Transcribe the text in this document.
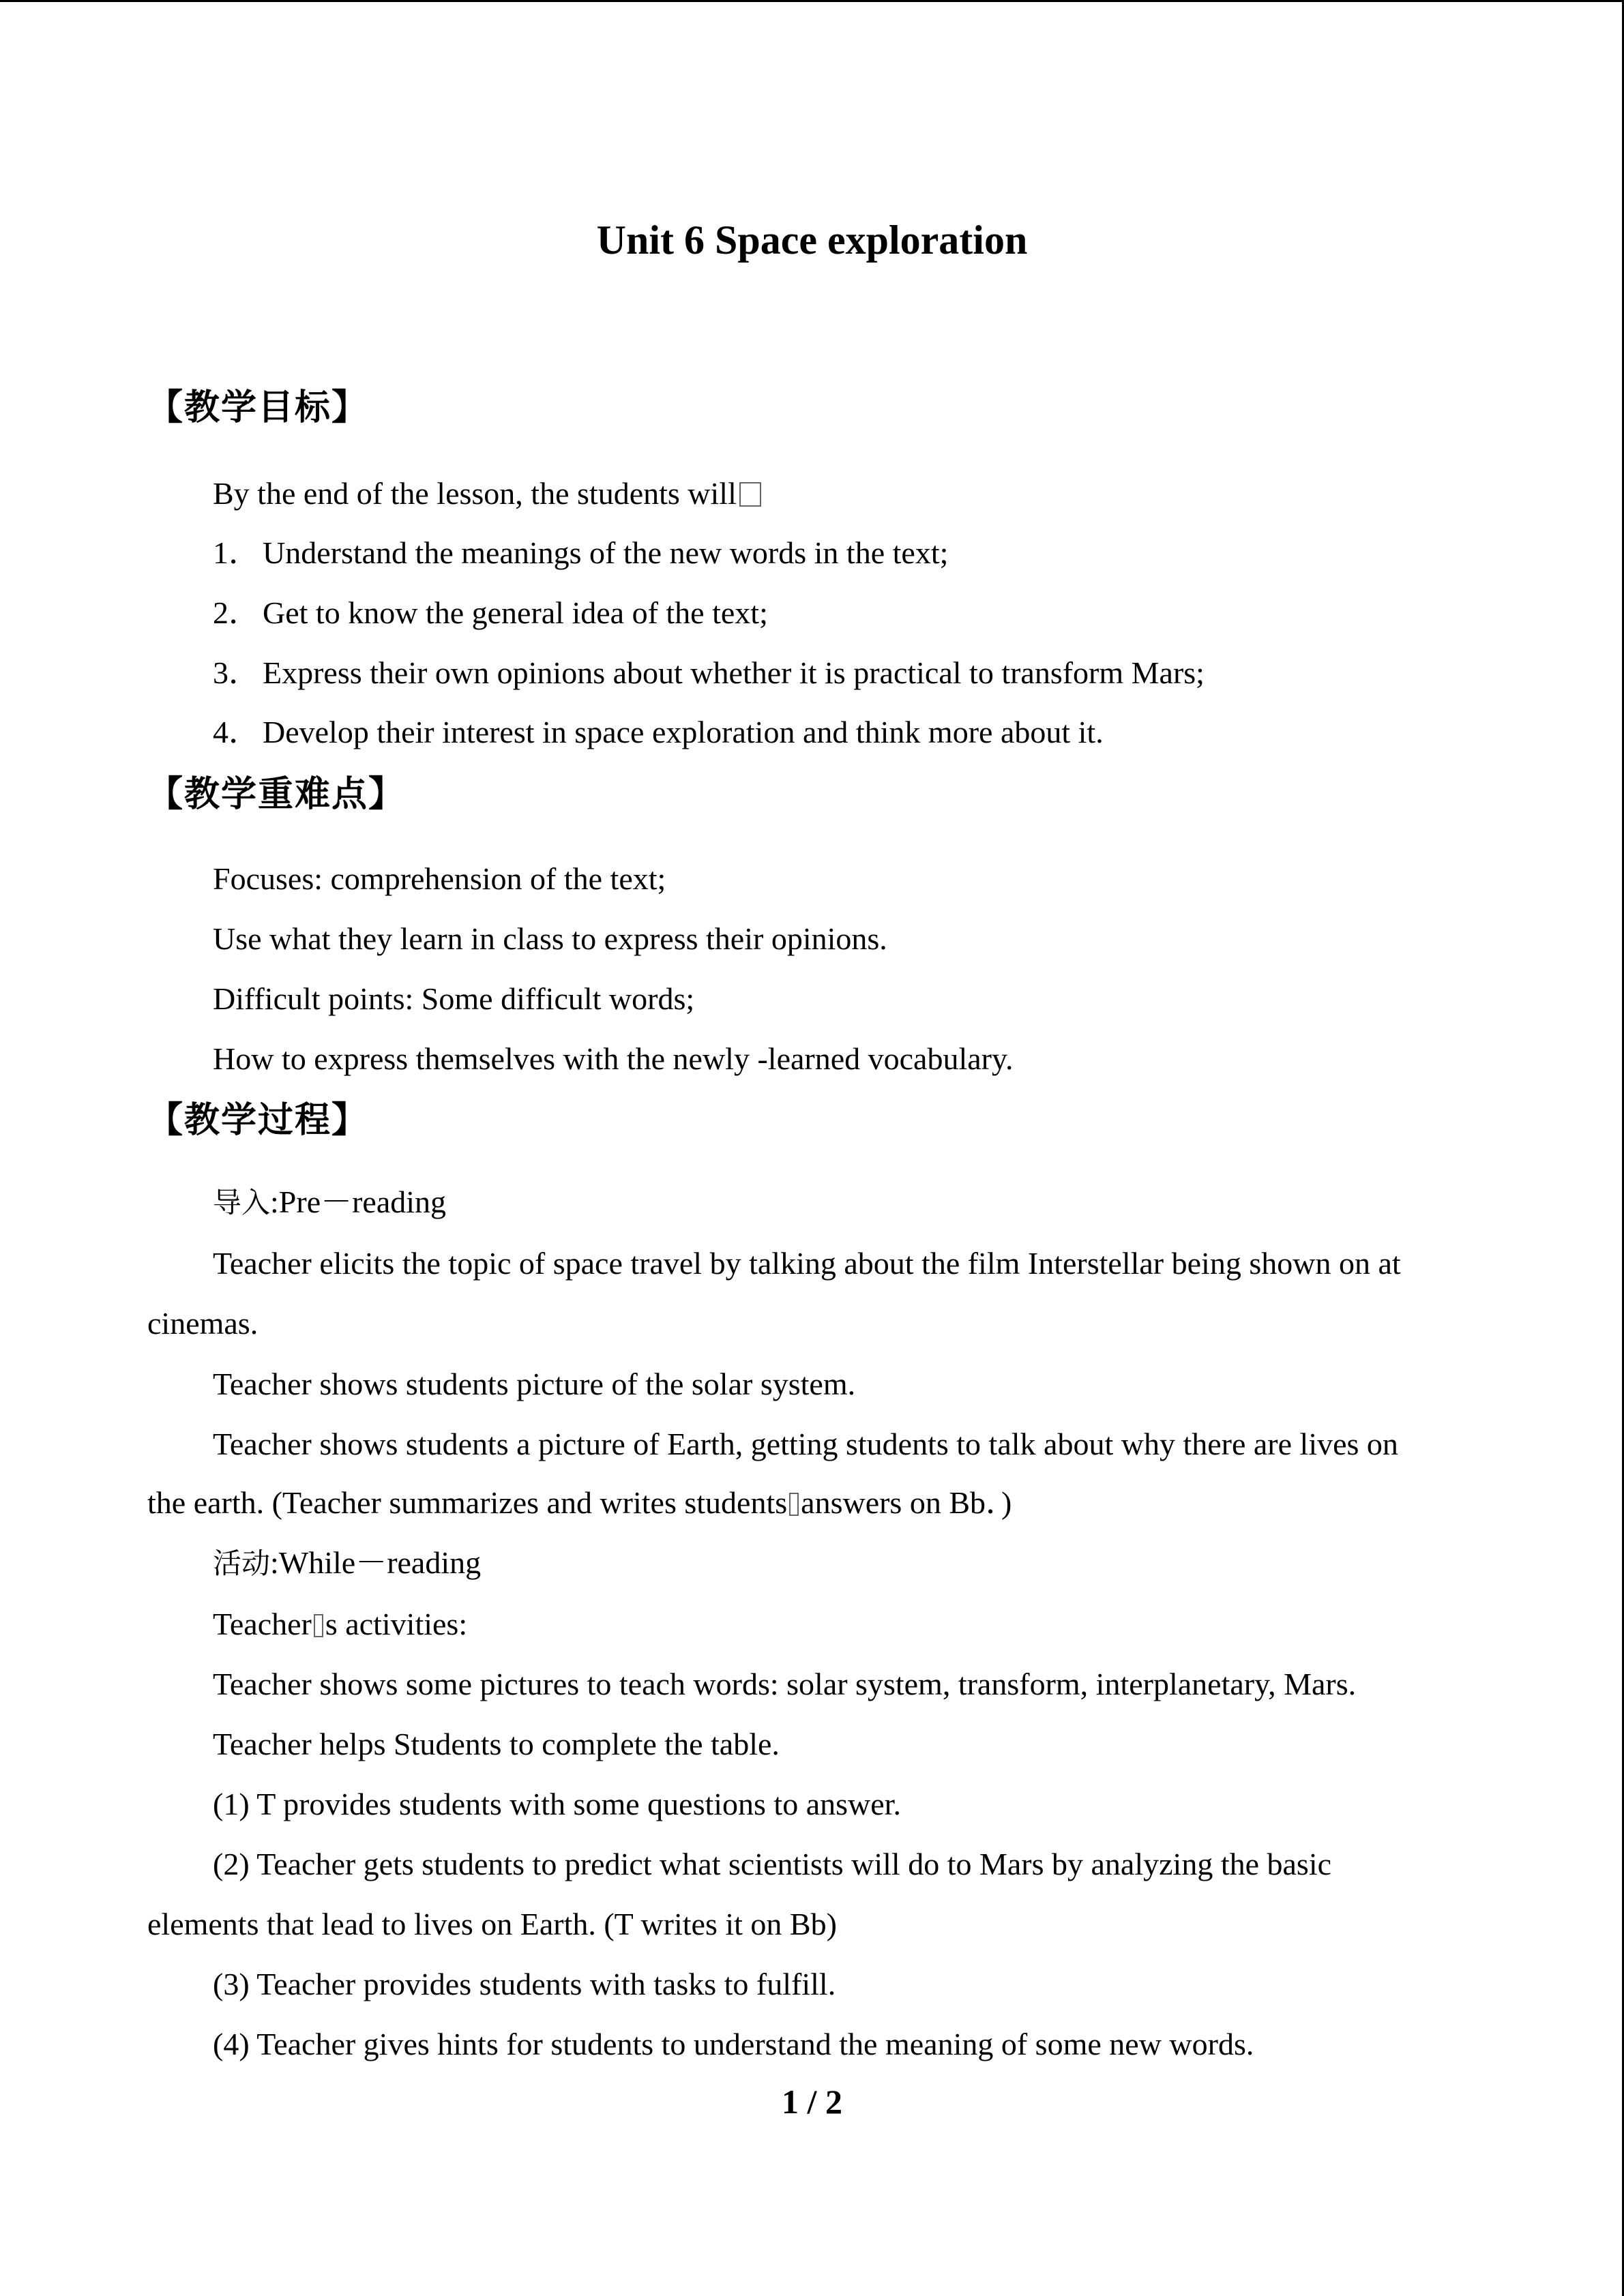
Unit 6 Space exploration
【教学目标】
By the end of the lesson, the students will
1．Understand the meanings of the new words in the text;
2．Get to know the general idea of the text;
3．Express their own opinions about whether it is practical to transform Mars;
4．Develop their interest in space exploration and think more about it.
【教学重难点】
Focuses: comprehension of the text;
Use what they learn in class to express their opinions.
Difficult points: Some difficult words;
How to express themselves with the newly -learned vocabulary.
【教学过程】
导入:Pre－reading
Teacher elicits the topic of space travel by talking about the film Interstellar being shown on at
cinemas.
Teacher shows students picture of the solar system.
Teacher shows students a picture of Earth, getting students to talk about why there are lives on
the earth. (Teacher summarizes and writes students answers on Bb．)
活动:While－reading
Teacher s activities:
Teacher shows some pictures to teach words: solar system, transform, interplanetary, Mars.
Teacher helps Students to complete the table.
(1) T provides students with some questions to answer.
(2) Teacher gets students to predict what scientists will do to Mars by analyzing the basic
elements that lead to lives on Earth. (T writes it on Bb)
(3) Teacher provides students with tasks to fulfill.
(4) Teacher gives hints for students to understand the meaning of some new words.
1 / 2
